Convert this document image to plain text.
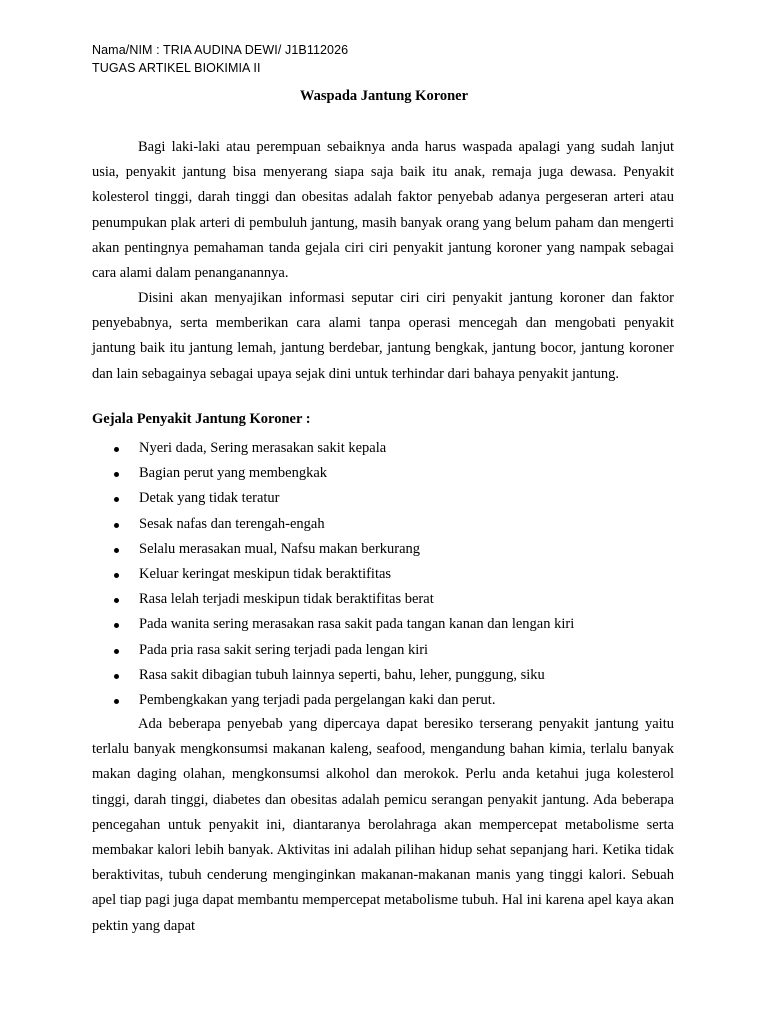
Nama/NIM : TRIA AUDINA DEWI/ J1B112026
TUGAS ARTIKEL BIOKIMIA II
Waspada Jantung Koroner

Bagi laki-laki atau perempuan sebaiknya anda harus waspada apalagi yang sudah lanjut usia, penyakit jantung bisa menyerang siapa saja baik itu anak, remaja juga dewasa. Penyakit kolesterol tinggi, darah tinggi dan obesitas adalah faktor penyebab adanya pergeseran arteri atau penumpukan plak arteri di pembuluh jantung, masih banyak orang yang belum paham dan mengerti akan pentingnya pemahaman tanda gejala ciri ciri penyakit jantung koroner yang nampak sebagai cara alami dalam penanganannya.

Disini akan menyajikan informasi seputar ciri ciri penyakit jantung koroner dan faktor penyebabnya, serta memberikan cara alami tanpa operasi mencegah dan mengobati penyakit jantung baik itu jantung lemah, jantung berdebar, jantung bengkak, jantung bocor, jantung koroner dan lain sebagainya sebagai upaya sejak dini untuk terhindar dari bahaya penyakit jantung.

Gejala Penyakit Jantung Koroner :
Nyeri dada, Sering merasakan sakit kepala
Bagian perut yang membengkak
Detak yang tidak teratur
Sesak nafas dan terengah-engah
Selalu merasakan mual, Nafsu makan berkurang
Keluar keringat meskipun tidak beraktifitas
Rasa lelah terjadi meskipun tidak beraktifitas berat
Pada wanita sering merasakan rasa sakit pada tangan kanan dan lengan kiri
Pada pria rasa sakit sering terjadi pada lengan kiri
Rasa sakit dibagian tubuh lainnya seperti, bahu, leher, punggung, siku
Pembengkakan yang terjadi pada pergelangan kaki dan perut.

Ada beberapa penyebab yang dipercaya dapat beresiko terserang penyakit jantung yaitu terlalu banyak mengkonsumsi makanan kaleng, seafood, mengandung bahan kimia, terlalu banyak makan daging olahan, mengkonsumsi alkohol dan merokok. Perlu anda ketahui juga kolesterol tinggi, darah tinggi, diabetes dan obesitas adalah pemicu serangan penyakit jantung. Ada beberapa pencegahan untuk penyakit ini, diantaranya berolahraga akan mempercepat metabolisme serta membakar kalori lebih banyak. Aktivitas ini adalah pilihan hidup sehat sepanjang hari. Ketika tidak beraktivitas, tubuh cenderung menginginkan makanan-makanan manis yang tinggi kalori. Sebuah apel tiap pagi juga dapat membantu mempercepat metabolisme tubuh. Hal ini karena apel kaya akan pektin yang dapat
